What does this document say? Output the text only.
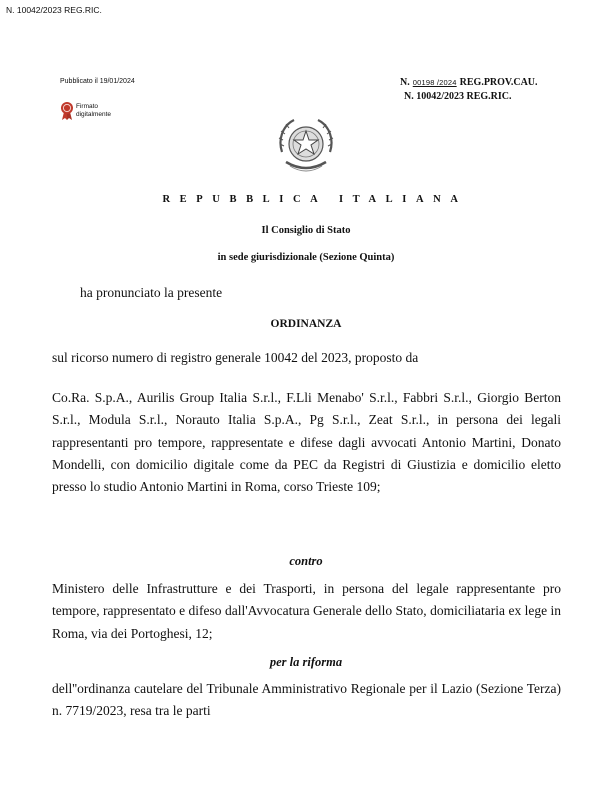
N. 10042/2023 REG.RIC.
Pubblicato il 19/01/2024
Firmato
digitalmente
N. 00198 /2024 REG.PROV.CAU.
N. 10042/2023 REG.RIC.
REPUBBLICA ITALIANA
Il Consiglio di Stato
in sede giurisdizionale (Sezione Quinta)
ha pronunciato la presente
ORDINANZA

sul ricorso numero di registro generale 10042 del 2023, proposto da

Co.Ra. S.p.A., Aurilis Group Italia S.r.l., F.Lli Menabo' S.r.l., Fabbri S.r.l., Giorgio Berton S.r.l., Modula S.r.l., Norauto Italia S.p.A., Pg S.r.l., Zeat S.r.l., in persona dei legali rappresentanti pro tempore, rappresentate e difese dagli avvocati Antonio Martini, Donato Mondelli, con domicilio digitale come da PEC da Registri di Giustizia e domicilio eletto presso lo studio Antonio Martini in Roma, corso Trieste 109;

contro

Ministero delle Infrastrutture e dei Trasporti, in persona del legale rappresentante pro tempore, rappresentato e difeso dall'Avvocatura Generale dello Stato, domiciliataria ex lege in Roma, via dei Portoghesi, 12;

per la riforma

dell''ordinanza cautelare del Tribunale Amministrativo Regionale per il Lazio (Sezione Terza) n. 7719/2023, resa tra le parti
